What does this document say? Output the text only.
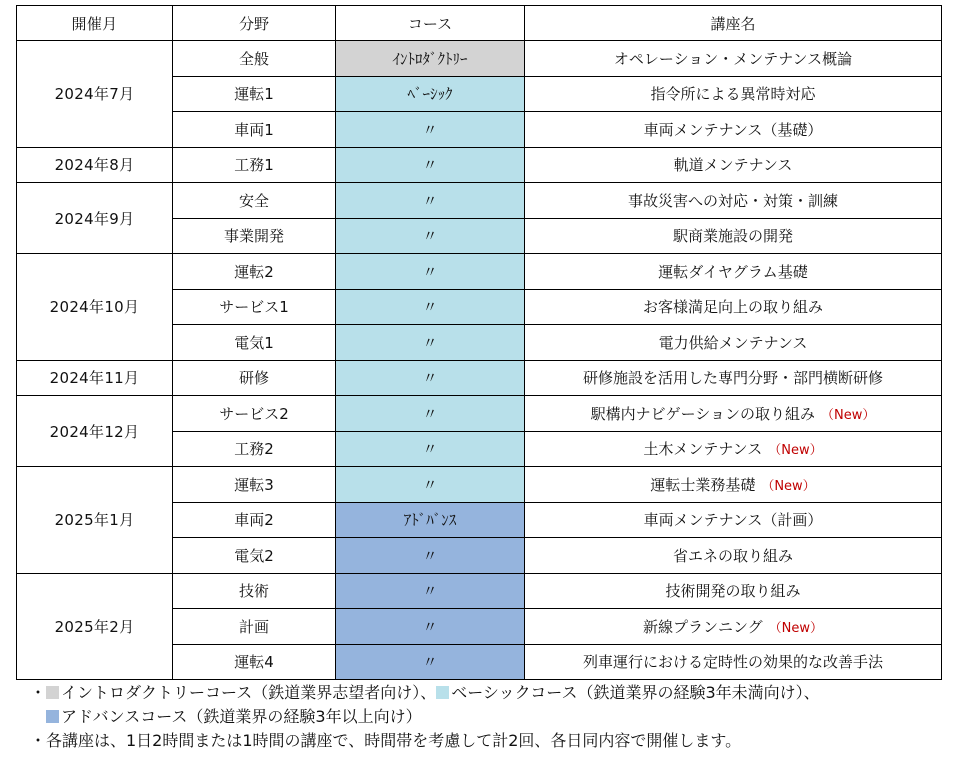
開催月	分野	コース	講座名
2024年7月	全般	ｲﾝﾄﾛﾀﾞｸﾄﾘｰ	オペレーション・メンテナンス概論
	運転1	ﾍﾞｰｼｯｸ	指令所による異常時対応
	車両1	〃	車両メンテナンス（基礎）
2024年8月	工務1	〃	軌道メンテナンス
2024年9月	安全	〃	事故災害への対応・対策・訓練
	事業開発	〃	駅商業施設の開発
2024年10月	運転2	〃	運転ダイヤグラム基礎
	サービス1	〃	お客様満足向上の取り組み
	電気1	〃	電力供給メンテナンス
2024年11月	研修	〃	研修施設を活用した専門分野・部門横断研修
2024年12月	サービス2	〃	駅構内ナビゲーションの取り組み （New）
	工務2	〃	土木メンテナンス （New）
2025年1月	運転3	〃	運転士業務基礎 （New）
	車両2	ｱﾄﾞﾊﾞﾝｽ	車両メンテナンス（計画）
	電気2	〃	省エネの取り組み
2025年2月	技術	〃	技術開発の取り組み
	計画	〃	新線プランニング （New）
	運転4	〃	列車運行における定時性の効果的な改善手法
・ イントロダクトリーコース（鉄道業界志望者向け）、 ベーシックコース（鉄道業界の経験3年未満向け）、
アドバンスコース（鉄道業界の経験3年以上向け）
・各講座は、1日2時間または1時間の講座で、時間帯を考慮して計2回、各日同内容で開催します。
